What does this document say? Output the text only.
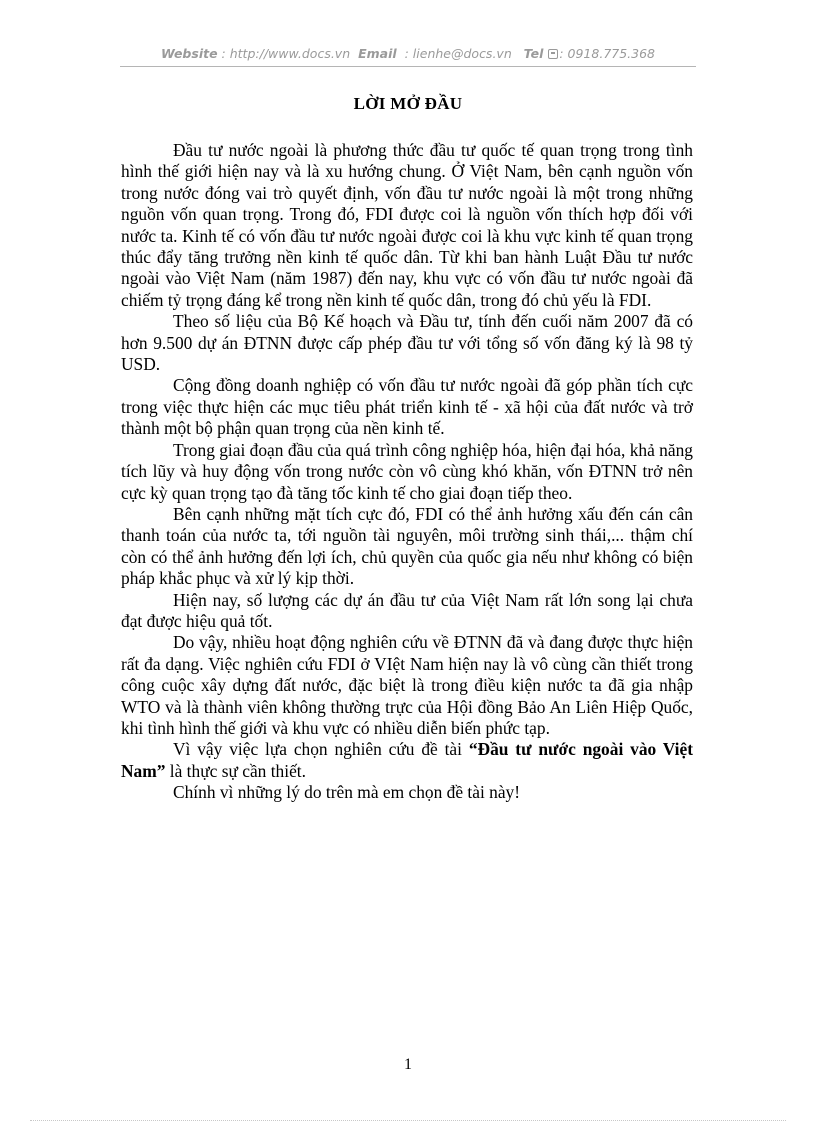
Website : http://www.docs.vn Email : lienhe@docs.vn Tel : 0918.775.368
LỜI MỞ ĐẦU

Đầu tư nước ngoài là phương thức đầu tư quốc tế quan trọng trong tình hình thế giới hiện nay và là xu hướng chung. Ở Việt Nam, bên cạnh nguồn vốn trong nước đóng vai trò quyết định, vốn đầu tư nước ngoài là một trong những nguồn vốn quan trọng. Trong đó, FDI được coi là nguồn vốn thích hợp đối với nước ta. Kinh tế có vốn đầu tư nước ngoài được coi là khu vực kinh tế quan trọng thúc đẩy tăng trưởng nền kinh tế quốc dân. Từ khi ban hành Luật Đầu tư nước ngoài vào Việt Nam (năm 1987) đến nay, khu vực có vốn đầu tư nước ngoài đã chiếm tỷ trọng đáng kể trong nền kinh tế quốc dân, trong đó chủ yếu là FDI.

Theo số liệu của Bộ Kế hoạch và Đầu tư, tính đến cuối năm 2007 đã có hơn 9.500 dự án ĐTNN được cấp phép đầu tư với tổng số vốn đăng ký là 98 tỷ USD.

Cộng đồng doanh nghiệp có vốn đầu tư nước ngoài đã góp phần tích cực trong việc thực hiện các mục tiêu phát triển kinh tế - xã hội của đất nước và trở thành một bộ phận quan trọng của nền kinh tế.

Trong giai đoạn đầu của quá trình công nghiệp hóa, hiện đại hóa, khả năng tích lũy và huy động vốn trong nước còn vô cùng khó khăn, vốn ĐTNN trở nên cực kỳ quan trọng tạo đà tăng tốc kinh tế cho giai đoạn tiếp theo.

Bên cạnh những mặt tích cực đó, FDI có thể ảnh hưởng xấu đến cán cân thanh toán của nước ta, tới nguồn tài nguyên, môi trường sinh thái,... thậm chí còn có thể ảnh hưởng đến lợi ích, chủ quyền của quốc gia nếu như không có biện pháp khắc phục và xử lý kịp thời.

Hiện nay, số lượng các dự án đầu tư của Việt Nam rất lớn song lại chưa đạt được hiệu quả tốt.

Do vậy, nhiều hoạt động nghiên cứu về ĐTNN đã và đang được thực hiện rất đa dạng. Việc nghiên cứu FDI ở VIệt Nam hiện nay là vô cùng cần thiết trong công cuộc xây dựng đất nước, đặc biệt là trong điều kiện nước ta đã gia nhập WTO và là thành viên không thường trực của Hội đồng Bảo An Liên Hiệp Quốc, khi tình hình thế giới và khu vực có nhiều diễn biến phức tạp.

Vì vậy việc lựa chọn nghiên cứu đề tài “Đầu tư nước ngoài vào Việt Nam” là thực sự cần thiết.

Chính vì những lý do trên mà em chọn đề tài này!

1
